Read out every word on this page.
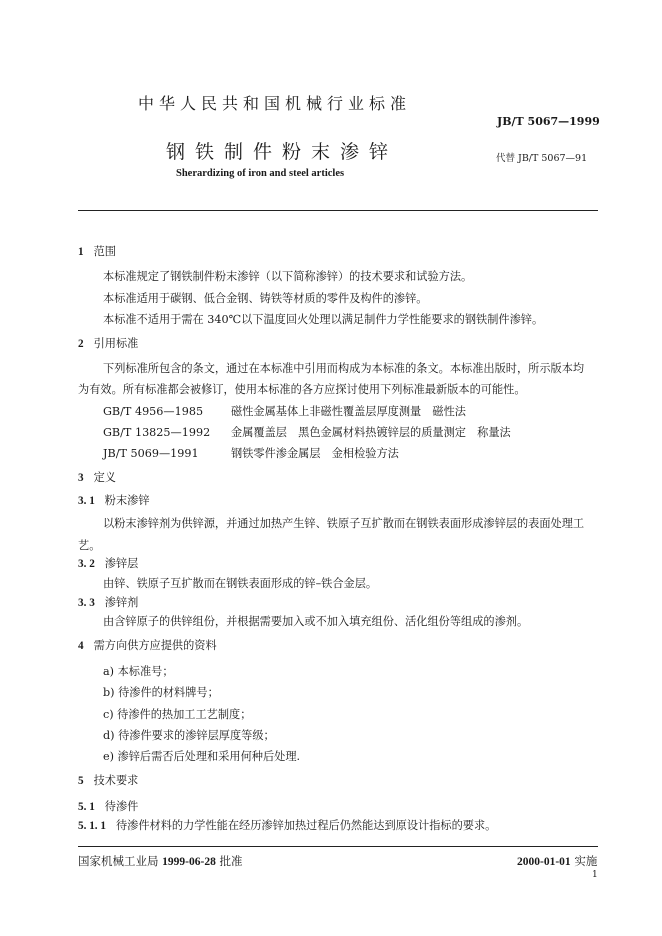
中华人民共和国机械行业标准
JB/T 5067—1999
钢铁制件粉末渗锌	代替 JB/T 5067—91
Sherardizing of iron and steel articles
1 范围
本标准规定了钢铁制件粉末渗锌（以下简称渗锌）的技术要求和试验方法。
本标准适用于碳钢、低合金钢、铸铁等材质的零件及构件的渗锌。
本标准不适用于需在 340℃以下温度回火处理以满足制件力学性能要求的钢铁制件渗锌。
2 引用标准
下列标准所包含的条文，通过在本标准中引用而构成为本标准的条文。本标准出版时，所示版本均
为有效。所有标准都会被修订，使用本标准的各方应探讨使用下列标准最新版本的可能性。
GB/T 4956—1985 磁性金属基体上非磁性覆盖层厚度测量　磁性法
GB/T 13825—1992 金属覆盖层　黑色金属材料热镀锌层的质量测定　称量法
JB/T 5069—1991	钢铁零件渗金属层　金相检验方法
3 定义
3. 1 粉末渗锌
以粉末渗锌剂为供锌源，并通过加热产生锌、铁原子互扩散而在钢铁表面形成渗锌层的表面处理工
艺。
3. 2 渗锌层
由锌、铁原子互扩散而在钢铁表面形成的锌–铁合金层。
3. 3 渗锌剂
由含锌原子的供锌组份，并根据需要加入或不加入填充组份、活化组份等组成的渗剂。
4 需方向供方应提供的资料
a) 本标准号；
b) 待渗件的材料牌号；
c) 待渗件的热加工工艺制度；
d) 待渗件要求的渗锌层厚度等级；
e) 渗锌后需否后处理和采用何种后处理.
5 技术要求
5. 1 待渗件
5. 1. 1 待渗件材料的力学性能在经历渗锌加热过程后仍然能达到原设计指标的要求。
国家机械工业局 1999-06-28 批准	2000-01-01 实施
1
